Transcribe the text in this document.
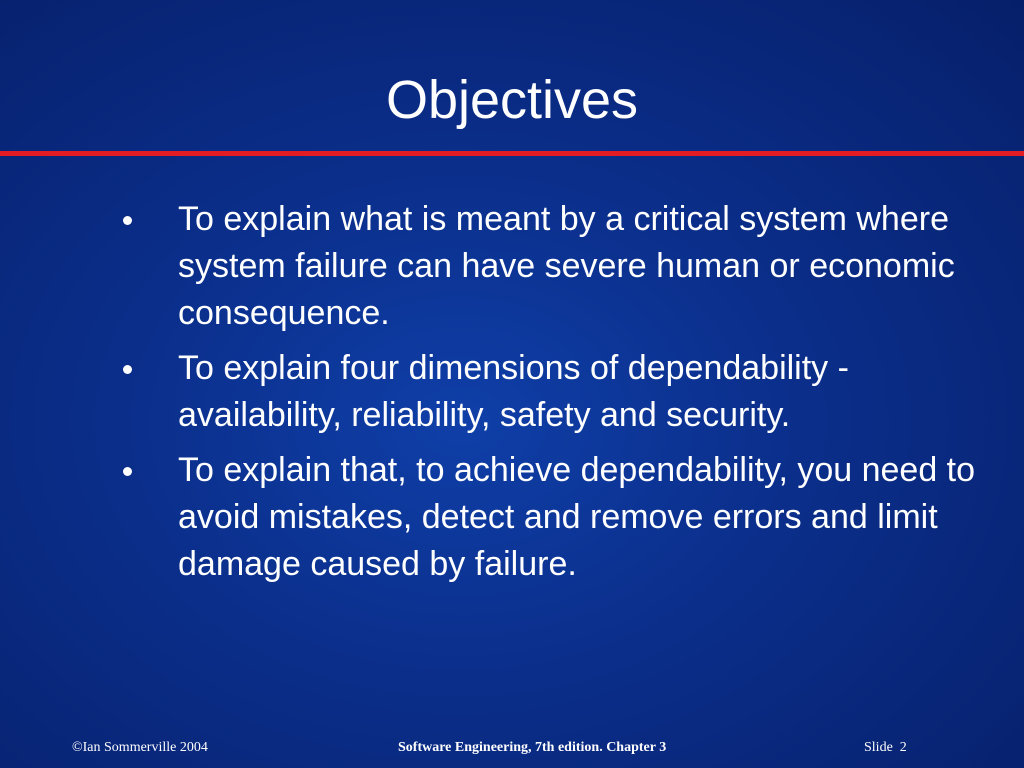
Objectives
To explain what is meant by a critical system where system failure can have severe human or economic consequence.
To explain four dimensions of dependability - availability, reliability, safety and security.
To explain that, to achieve dependability, you need to avoid mistakes, detect and remove errors and limit damage caused by failure.
©Ian Sommerville 2004	Software Engineering, 7th edition. Chapter 3	Slide  2
